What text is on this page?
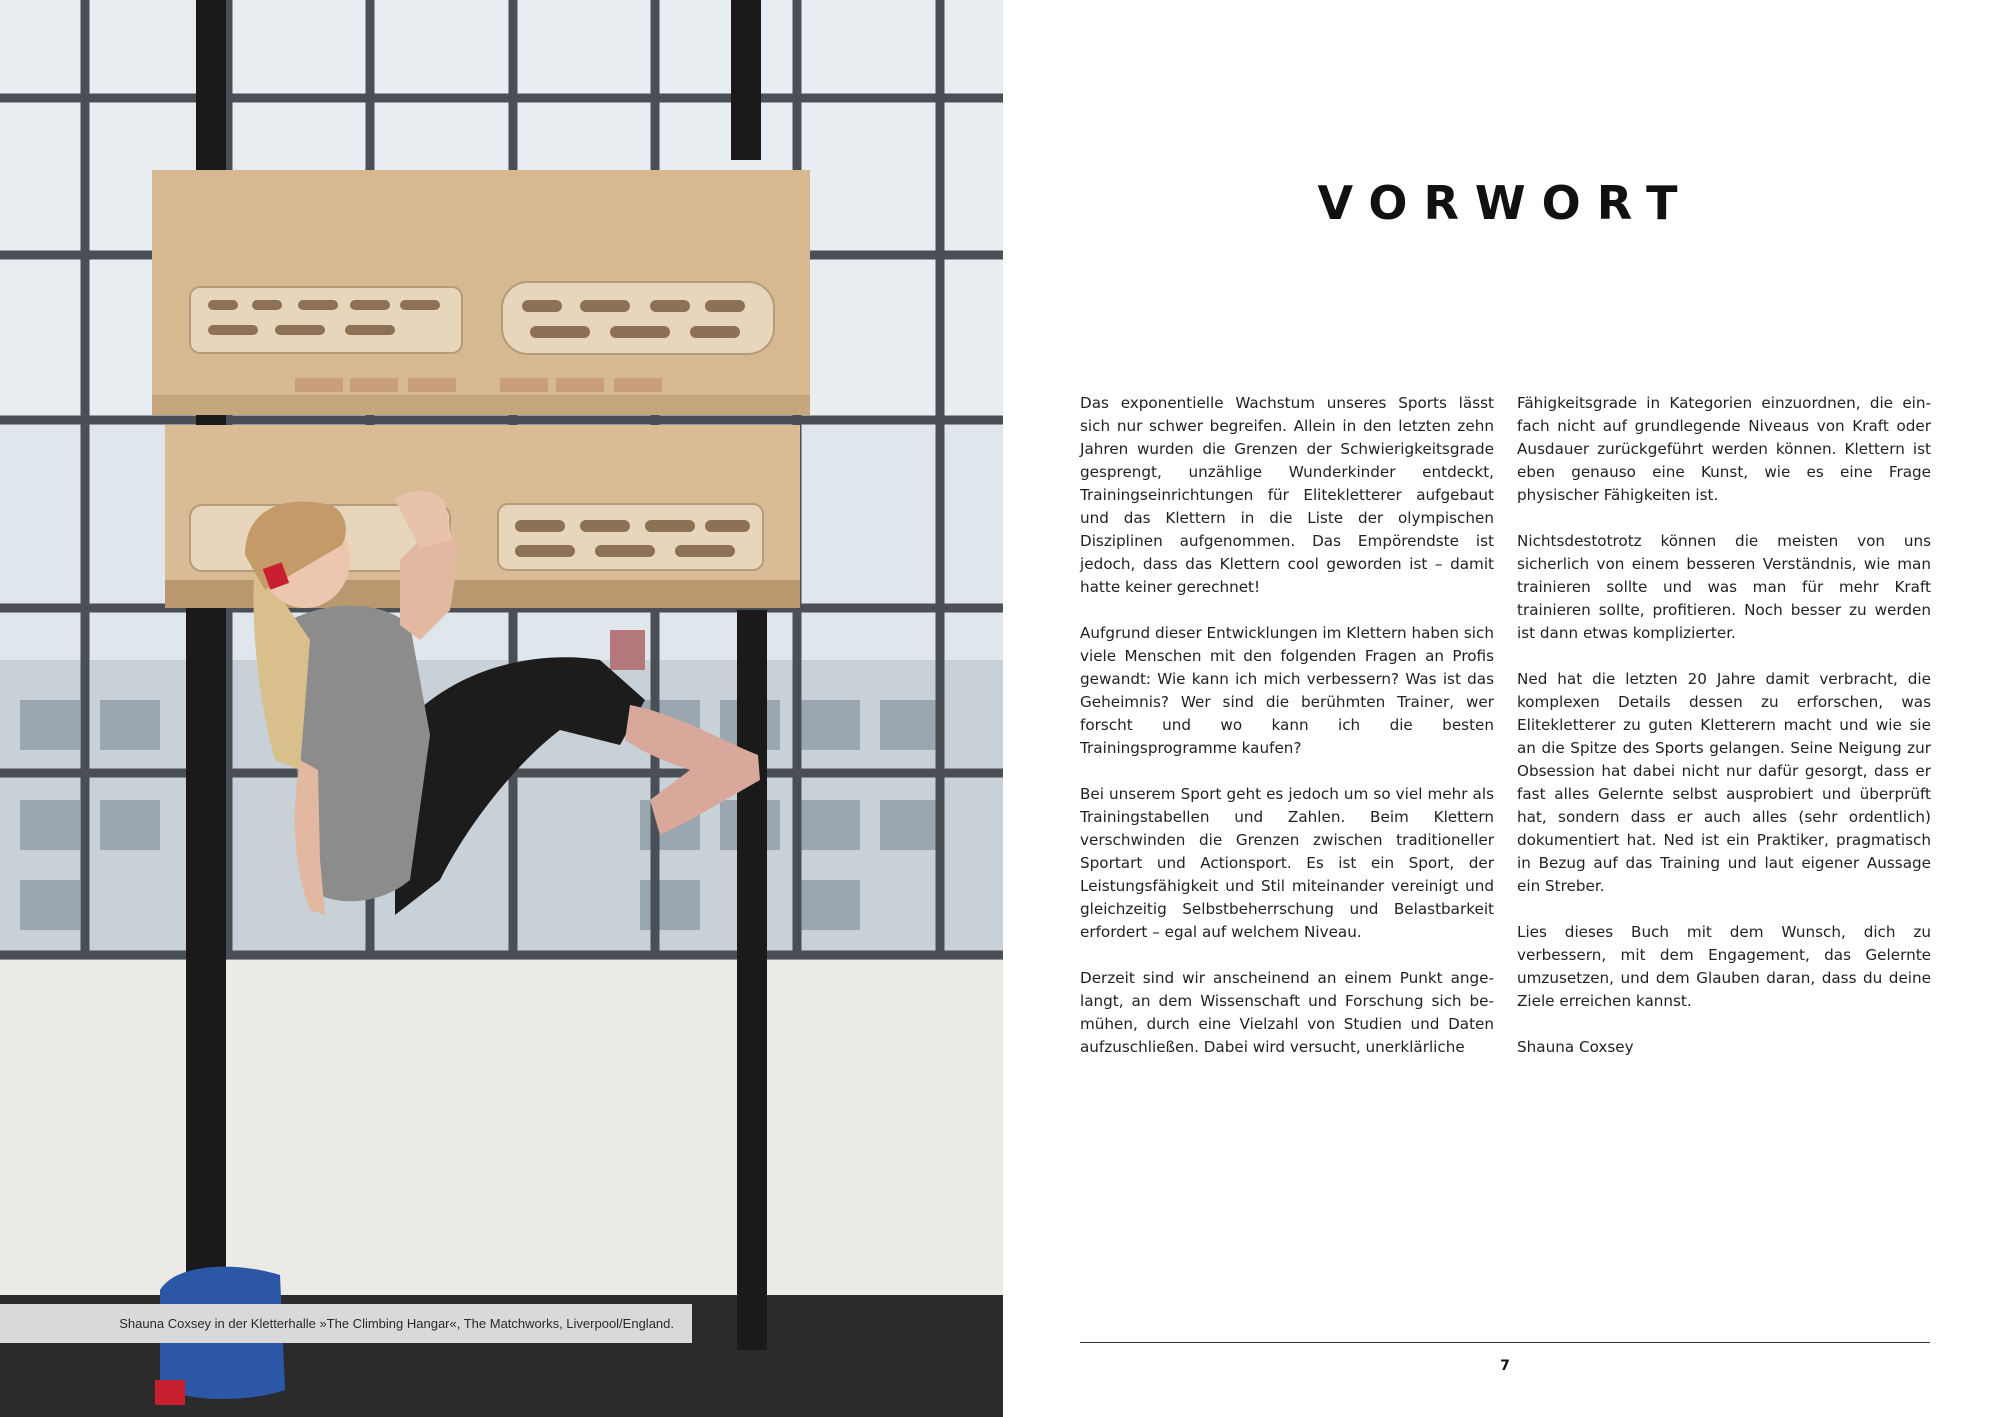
Shauna Coxsey in der Kletterhalle »The Climbing Hangar«, The Matchworks, Liverpool/England.
VORWORT

Das exponentielle Wachstum unseres Sports lässt sich nur schwer begreifen. Allein in den letzten zehn Jahren wurden die Grenzen der Schwierigkeitsgrade gesprengt, unzählige Wunderkinder entdeckt, Trainingseinrichtungen für Elitekletterer aufgebaut und das Klettern in die Liste der olympischen Disziplinen aufgenommen. Das Empörendste ist jedoch, dass das Klettern cool geworden ist – damit hatte keiner gerechnet!

Aufgrund dieser Entwicklungen im Klettern haben sich viele Menschen mit den folgenden Fragen an Profis gewandt: Wie kann ich mich verbessern? Was ist das Geheimnis? Wer sind die berühmten Trainer, wer forscht und wo kann ich die besten Trainingsprogramme kaufen?

Bei unserem Sport geht es jedoch um so viel mehr als Trainingstabellen und Zahlen. Beim Klettern verschwinden die Grenzen zwischen traditioneller Sportart und Actionsport. Es ist ein Sport, der Leistungsfähigkeit und Stil miteinander vereinigt und gleichzeitig Selbstbeherrschung und Belastbarkeit erfordert – egal auf welchem Niveau.

Derzeit sind wir anscheinend an einem Punkt angelangt, an dem Wissenschaft und Forschung sich bemühen, durch eine Vielzahl von Studien und Daten aufzuschließen. Dabei wird versucht, unerklärliche

Fähigkeitsgrade in Kategorien einzuordnen, die einfach nicht auf grundlegende Niveaus von Kraft oder Ausdauer zurückgeführt werden können. Klettern ist eben genauso eine Kunst, wie es eine Frage physischer Fähigkeiten ist.

Nichtsdestotrotz können die meisten von uns sicherlich von einem besseren Verständnis, wie man trainieren sollte und was man für mehr Kraft trainieren sollte, profitieren. Noch besser zu werden ist dann etwas komplizierter.

Ned hat die letzten 20 Jahre damit verbracht, die komplexen Details dessen zu erforschen, was Elitekletterer zu guten Kletterern macht und wie sie an die Spitze des Sports gelangen. Seine Neigung zur Obsession hat dabei nicht nur dafür gesorgt, dass er fast alles Gelernte selbst ausprobiert und überprüft hat, sondern dass er auch alles (sehr ordentlich) dokumentiert hat. Ned ist ein Praktiker, pragmatisch in Bezug auf das Training und laut eigener Aussage ein Streber.

Lies dieses Buch mit dem Wunsch, dich zu verbessern, mit dem Engagement, das Gelernte umzusetzen, und dem Glauben daran, dass du deine Ziele erreichen kannst.

Shauna Coxsey

7
